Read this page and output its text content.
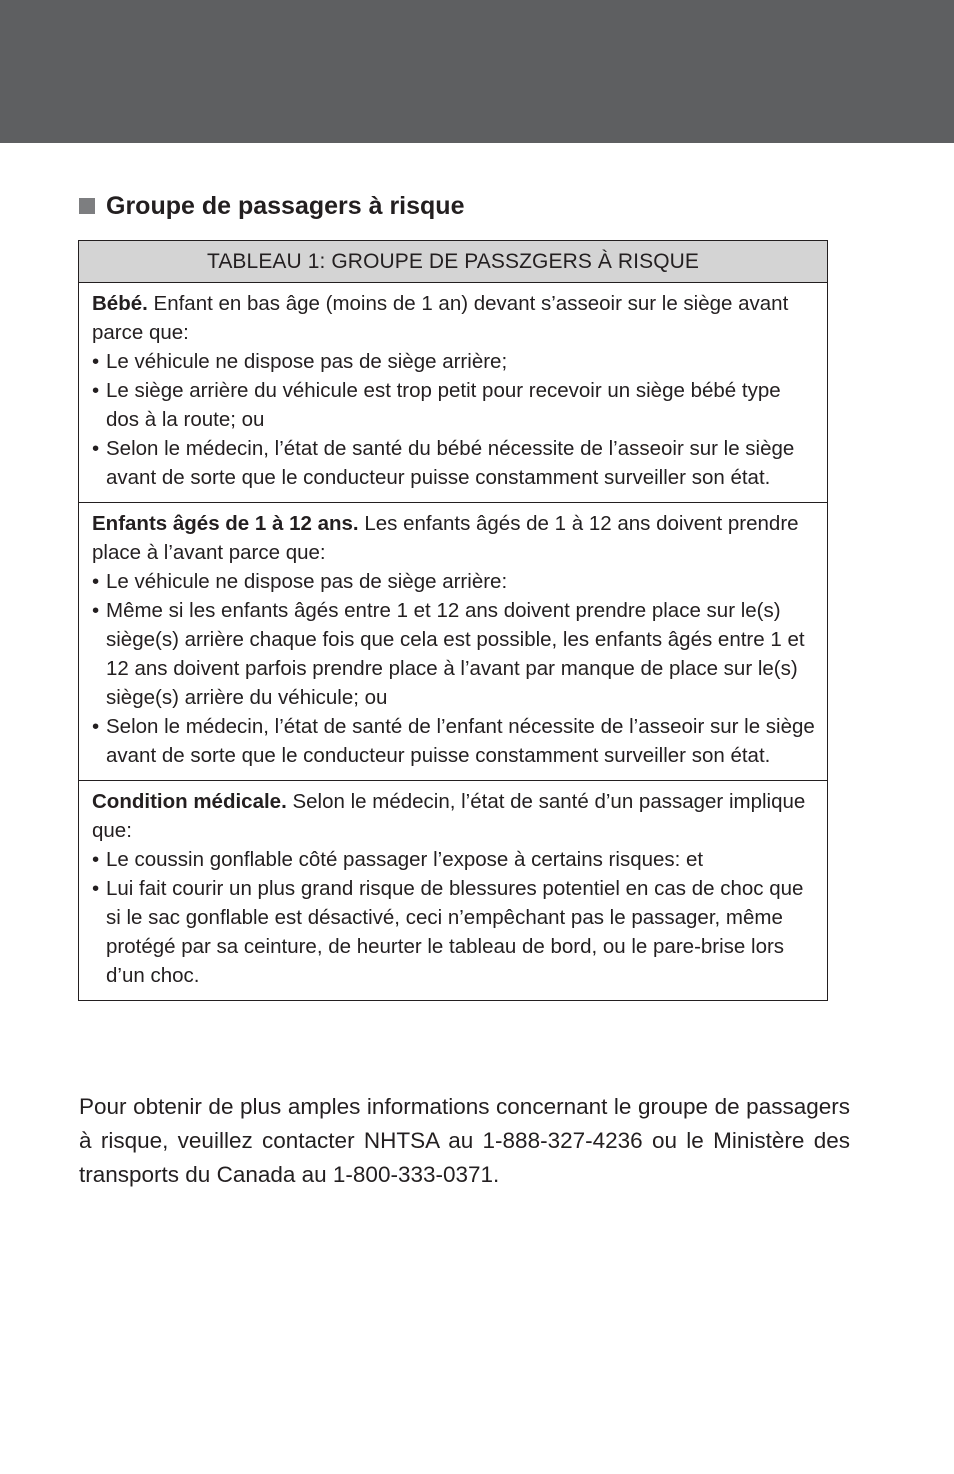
Groupe de passagers à risque
TABLEAU 1: GROUPE DE PASSZGERS À RISQUE
Bébé. Enfant en bas âge (moins de 1 an) devant s’asseoir sur le siège avant parce que:
• Le véhicule ne dispose pas de siège arrière;
• Le siège arrière du véhicule est trop petit pour recevoir un siège bébé type dos à la route; ou
• Selon le médecin, l’état de santé du bébé nécessite de l’asseoir sur le siège avant de sorte que le conducteur puisse constamment surveiller son état.
Enfants âgés de 1 à 12 ans. Les enfants âgés de 1 à 12 ans doivent prendre place à l’avant parce que:
• Le véhicule ne dispose pas de siège arrière:
• Même si les enfants âgés entre 1 et 12 ans doivent prendre place sur le(s) siège(s) arrière chaque fois que cela est possible, les enfants âgés entre 1 et 12 ans doivent parfois prendre place à l’avant par manque de place sur le(s) siège(s) arrière du véhicule; ou
• Selon le médecin, l’état de santé de l’enfant nécessite de l’asseoir sur le siège avant de sorte que le conducteur puisse constamment surveiller son état.
Condition médicale. Selon le médecin, l’état de santé d’un passager implique que:
• Le coussin gonflable côté passager l’expose à certains risques: et
• Lui fait courir un plus grand risque de blessures potentiel en cas de choc que si le sac gonflable est désactivé, ceci n’empêchant pas le passager, même protégé par sa ceinture, de heurter le tableau de bord, ou le pare-brise lors d’un choc.

Pour obtenir de plus amples informations concernant le groupe de passagers à risque, veuillez contacter NHTSA au 1-888-327-4236 ou le Ministère des transports du Canada au 1-800-333-0371.
